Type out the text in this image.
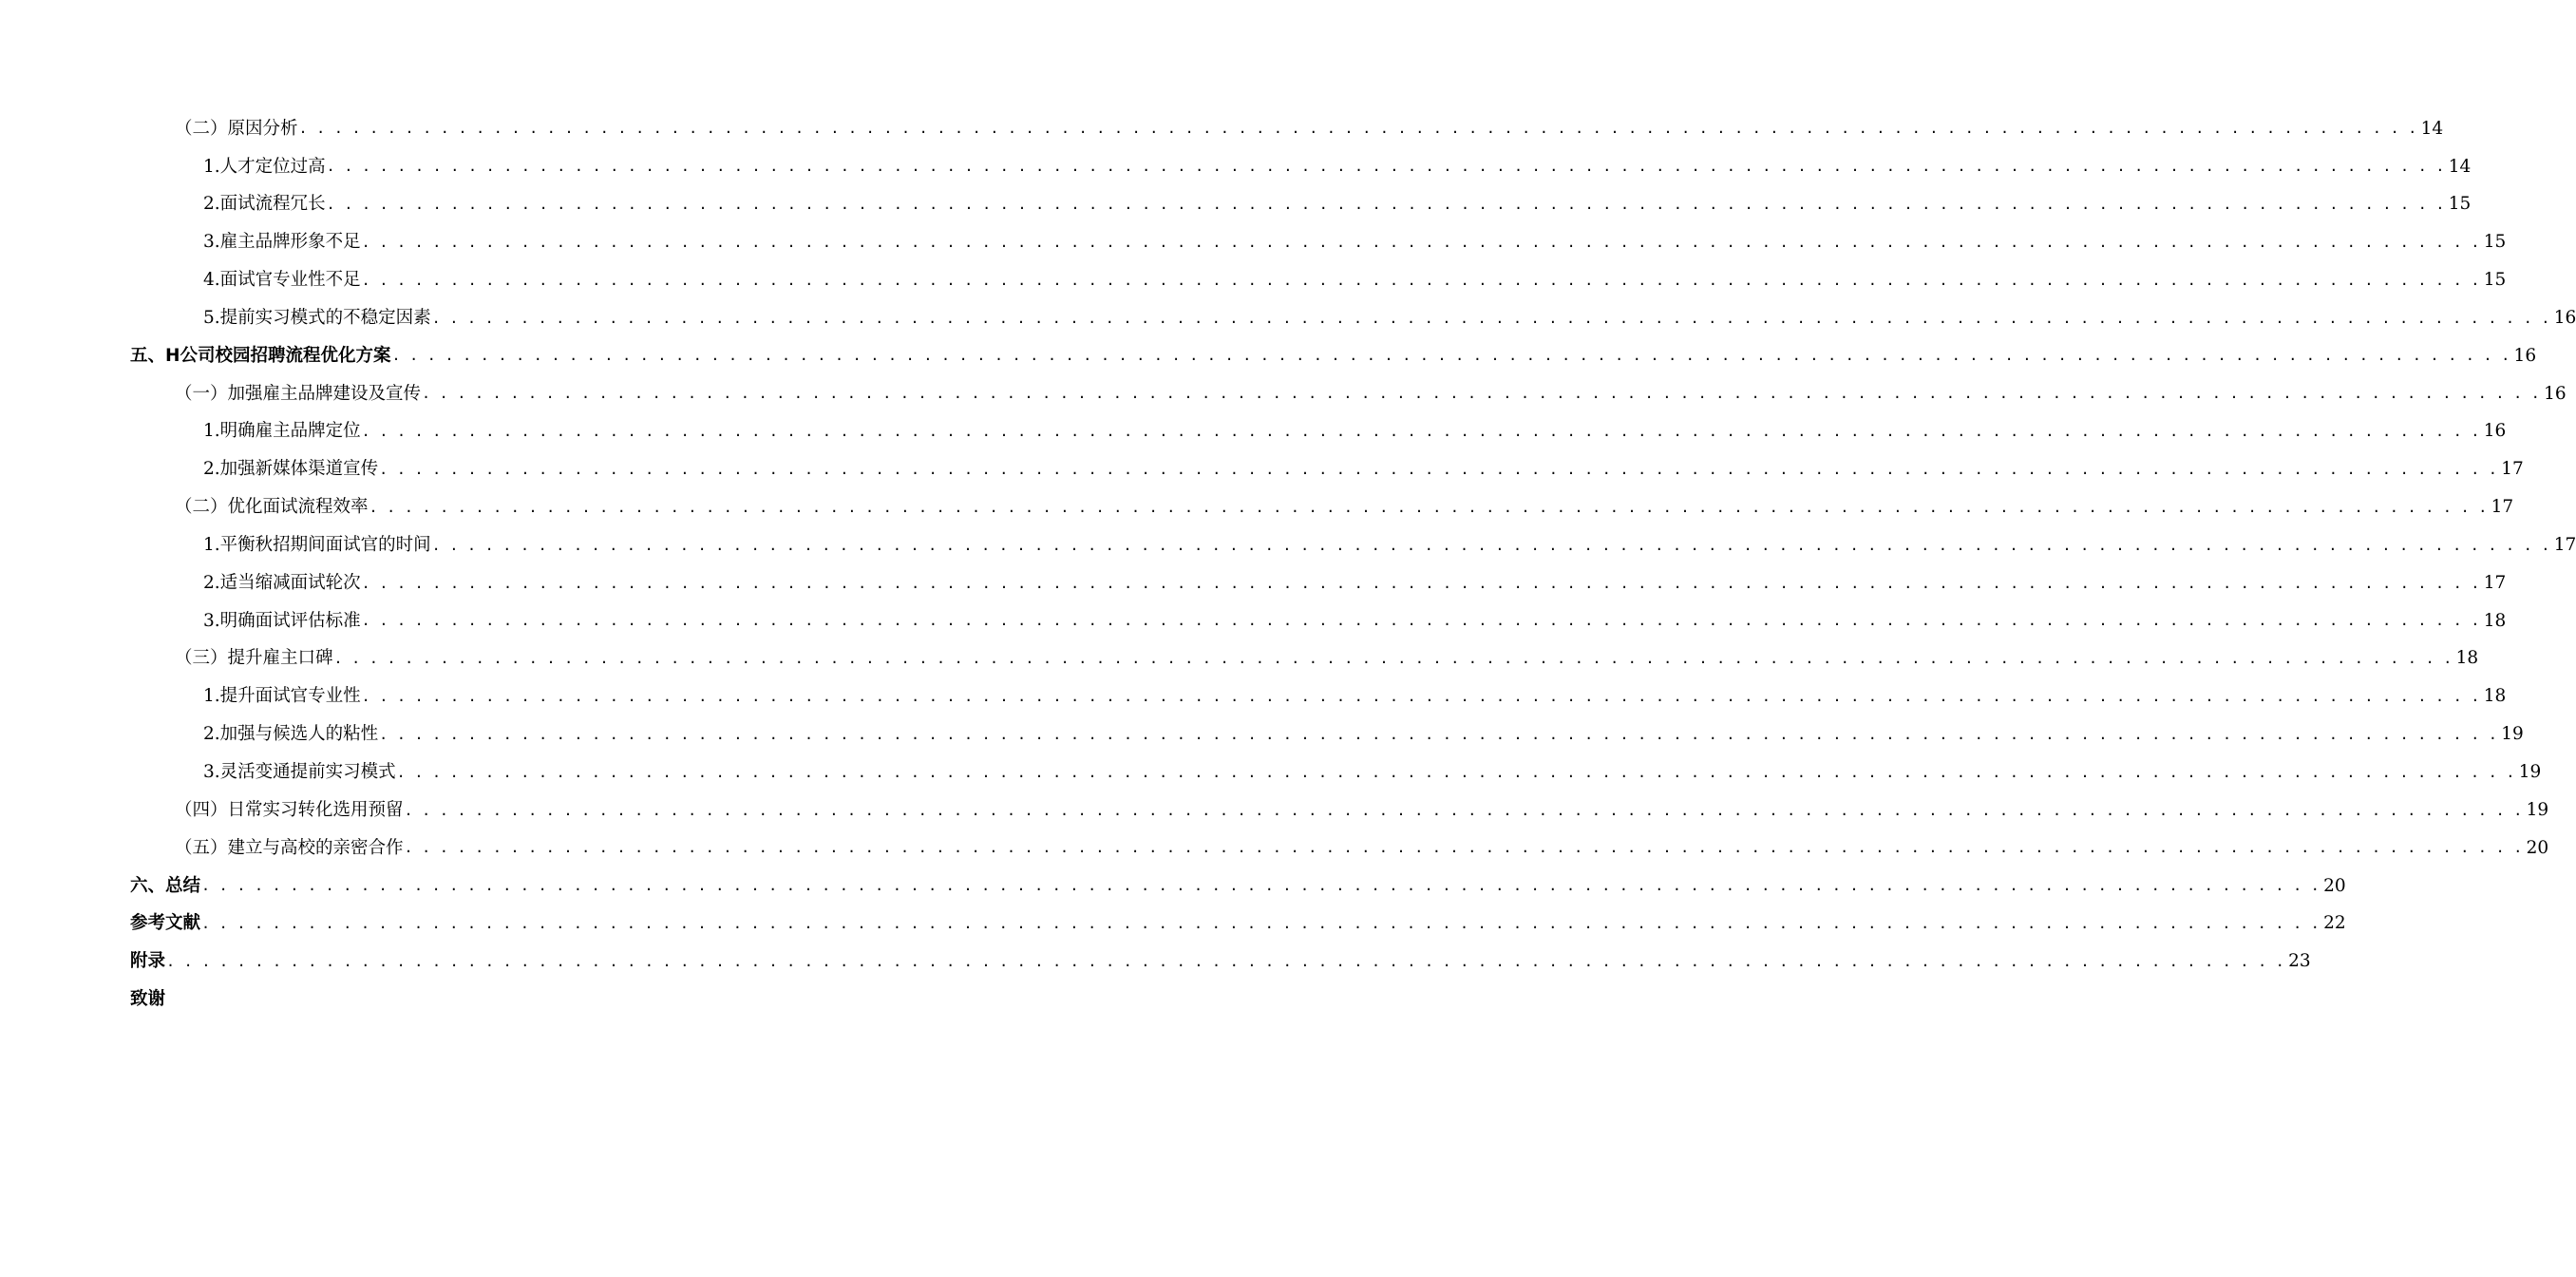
（二）原因分析 . . . . . . . . . . . . . . . . . . . . . . . . . . . . . . . . . . . . . . . . . . . . . . . . . . . . . . . . . . . . . . . . . . . . . . . . . . . . . . . . . . . . . . . . . . . . . . . . . . . . . . . . . . . . . . . . . . . . . . . . 14
1.人才定位过高 . . . . . . . . . . . . . . . . . . . . . . . . . . . . . . . . . . . . . . . . . . . . . . . . . . . . . . . . . . . . . . . . . . . . . . . . . . . . . . . . . . . . . . . . . . . . . . . . . . . . . . . . . . . . . . . . . . . . . . . . 14
2.面试流程冗长 . . . . . . . . . . . . . . . . . . . . . . . . . . . . . . . . . . . . . . . . . . . . . . . . . . . . . . . . . . . . . . . . . . . . . . . . . . . . . . . . . . . . . . . . . . . . . . . . . . . . . . . . . . . . . . . . . . . . . . . . 15
3.雇主品牌形象不足 . . . . . . . . . . . . . . . . . . . . . . . . . . . . . . . . . . . . . . . . . . . . . . . . . . . . . . . . . . . . . . . . . . . . . . . . . . . . . . . . . . . . . . . . . . . . . . . . . . . . . . . . . . . . . . . . . . . . . . . . 15
4.面试官专业性不足 . . . . . . . . . . . . . . . . . . . . . . . . . . . . . . . . . . . . . . . . . . . . . . . . . . . . . . . . . . . . . . . . . . . . . . . . . . . . . . . . . . . . . . . . . . . . . . . . . . . . . . . . . . . . . . . . . . . . . . . . 15
5.提前实习模式的不稳定因素 . . . . . . . . . . . . . . . . . . . . . . . . . . . . . . . . . . . . . . . . . . . . . . . . . . . . . . . . . . . . . . . . . . . . . . . . . . . . . . . . . . . . . . . . . . . . . . . . . . . . . . . . . . . . . . . . . . . . . . . . 16
五、H公司校园招聘流程优化方案 . . . . . . . . . . . . . . . . . . . . . . . . . . . . . . . . . . . . . . . . . . . . . . . . . . . . . . . . . . . . . . . . . . . . . . . . . . . . . . . . . . . . . . . . . . . . . . . . . . . . . . . . . . . . . . . . . . . . . . . . 16
（一）加强雇主品牌建设及宣传 . . . . . . . . . . . . . . . . . . . . . . . . . . . . . . . . . . . . . . . . . . . . . . . . . . . . . . . . . . . . . . . . . . . . . . . . . . . . . . . . . . . . . . . . . . . . . . . . . . . . . . . . . . . . . . . . . . . . . . . . 16
1.明确雇主品牌定位 . . . . . . . . . . . . . . . . . . . . . . . . . . . . . . . . . . . . . . . . . . . . . . . . . . . . . . . . . . . . . . . . . . . . . . . . . . . . . . . . . . . . . . . . . . . . . . . . . . . . . . . . . . . . . . . . . . . . . . . . 16
2.加强新媒体渠道宣传 . . . . . . . . . . . . . . . . . . . . . . . . . . . . . . . . . . . . . . . . . . . . . . . . . . . . . . . . . . . . . . . . . . . . . . . . . . . . . . . . . . . . . . . . . . . . . . . . . . . . . . . . . . . . . . . . . . . . . . . . 17
（二）优化面试流程效率 . . . . . . . . . . . . . . . . . . . . . . . . . . . . . . . . . . . . . . . . . . . . . . . . . . . . . . . . . . . . . . . . . . . . . . . . . . . . . . . . . . . . . . . . . . . . . . . . . . . . . . . . . . . . . . . . . . . . . . . . 17
1.平衡秋招期间面试官的时间 . . . . . . . . . . . . . . . . . . . . . . . . . . . . . . . . . . . . . . . . . . . . . . . . . . . . . . . . . . . . . . . . . . . . . . . . . . . . . . . . . . . . . . . . . . . . . . . . . . . . . . . . . . . . . . . . . . . . . . . . 17
2.适当缩减面试轮次 . . . . . . . . . . . . . . . . . . . . . . . . . . . . . . . . . . . . . . . . . . . . . . . . . . . . . . . . . . . . . . . . . . . . . . . . . . . . . . . . . . . . . . . . . . . . . . . . . . . . . . . . . . . . . . . . . . . . . . . . 17
3.明确面试评估标准 . . . . . . . . . . . . . . . . . . . . . . . . . . . . . . . . . . . . . . . . . . . . . . . . . . . . . . . . . . . . . . . . . . . . . . . . . . . . . . . . . . . . . . . . . . . . . . . . . . . . . . . . . . . . . . . . . . . . . . . . 18
（三）提升雇主口碑 . . . . . . . . . . . . . . . . . . . . . . . . . . . . . . . . . . . . . . . . . . . . . . . . . . . . . . . . . . . . . . . . . . . . . . . . . . . . . . . . . . . . . . . . . . . . . . . . . . . . . . . . . . . . . . . . . . . . . . . . 18
1.提升面试官专业性 . . . . . . . . . . . . . . . . . . . . . . . . . . . . . . . . . . . . . . . . . . . . . . . . . . . . . . . . . . . . . . . . . . . . . . . . . . . . . . . . . . . . . . . . . . . . . . . . . . . . . . . . . . . . . . . . . . . . . . . . 18
2.加强与候选人的粘性 . . . . . . . . . . . . . . . . . . . . . . . . . . . . . . . . . . . . . . . . . . . . . . . . . . . . . . . . . . . . . . . . . . . . . . . . . . . . . . . . . . . . . . . . . . . . . . . . . . . . . . . . . . . . . . . . . . . . . . . . 19
3.灵活变通提前实习模式 . . . . . . . . . . . . . . . . . . . . . . . . . . . . . . . . . . . . . . . . . . . . . . . . . . . . . . . . . . . . . . . . . . . . . . . . . . . . . . . . . . . . . . . . . . . . . . . . . . . . . . . . . . . . . . . . . . . . . . . . 19
（四）日常实习转化选用预留 . . . . . . . . . . . . . . . . . . . . . . . . . . . . . . . . . . . . . . . . . . . . . . . . . . . . . . . . . . . . . . . . . . . . . . . . . . . . . . . . . . . . . . . . . . . . . . . . . . . . . . . . . . . . . . . . . . . . . . . . 19
（五）建立与高校的亲密合作 . . . . . . . . . . . . . . . . . . . . . . . . . . . . . . . . . . . . . . . . . . . . . . . . . . . . . . . . . . . . . . . . . . . . . . . . . . . . . . . . . . . . . . . . . . . . . . . . . . . . . . . . . . . . . . . . . . . . . . . . 20
六、总结 . . . . . . . . . . . . . . . . . . . . . . . . . . . . . . . . . . . . . . . . . . . . . . . . . . . . . . . . . . . . . . . . . . . . . . . . . . . . . . . . . . . . . . . . . . . . . . . . . . . . . . . . . . . . . . . . . . . . . . . . 20
参考文献 . . . . . . . . . . . . . . . . . . . . . . . . . . . . . . . . . . . . . . . . . . . . . . . . . . . . . . . . . . . . . . . . . . . . . . . . . . . . . . . . . . . . . . . . . . . . . . . . . . . . . . . . . . . . . . . . . . . . . . . . 22
附录 . . . . . . . . . . . . . . . . . . . . . . . . . . . . . . . . . . . . . . . . . . . . . . . . . . . . . . . . . . . . . . . . . . . . . . . . . . . . . . . . . . . . . . . . . . . . . . . . . . . . . . . . . . . . . . . . . . . . . . . . 23
致谢
